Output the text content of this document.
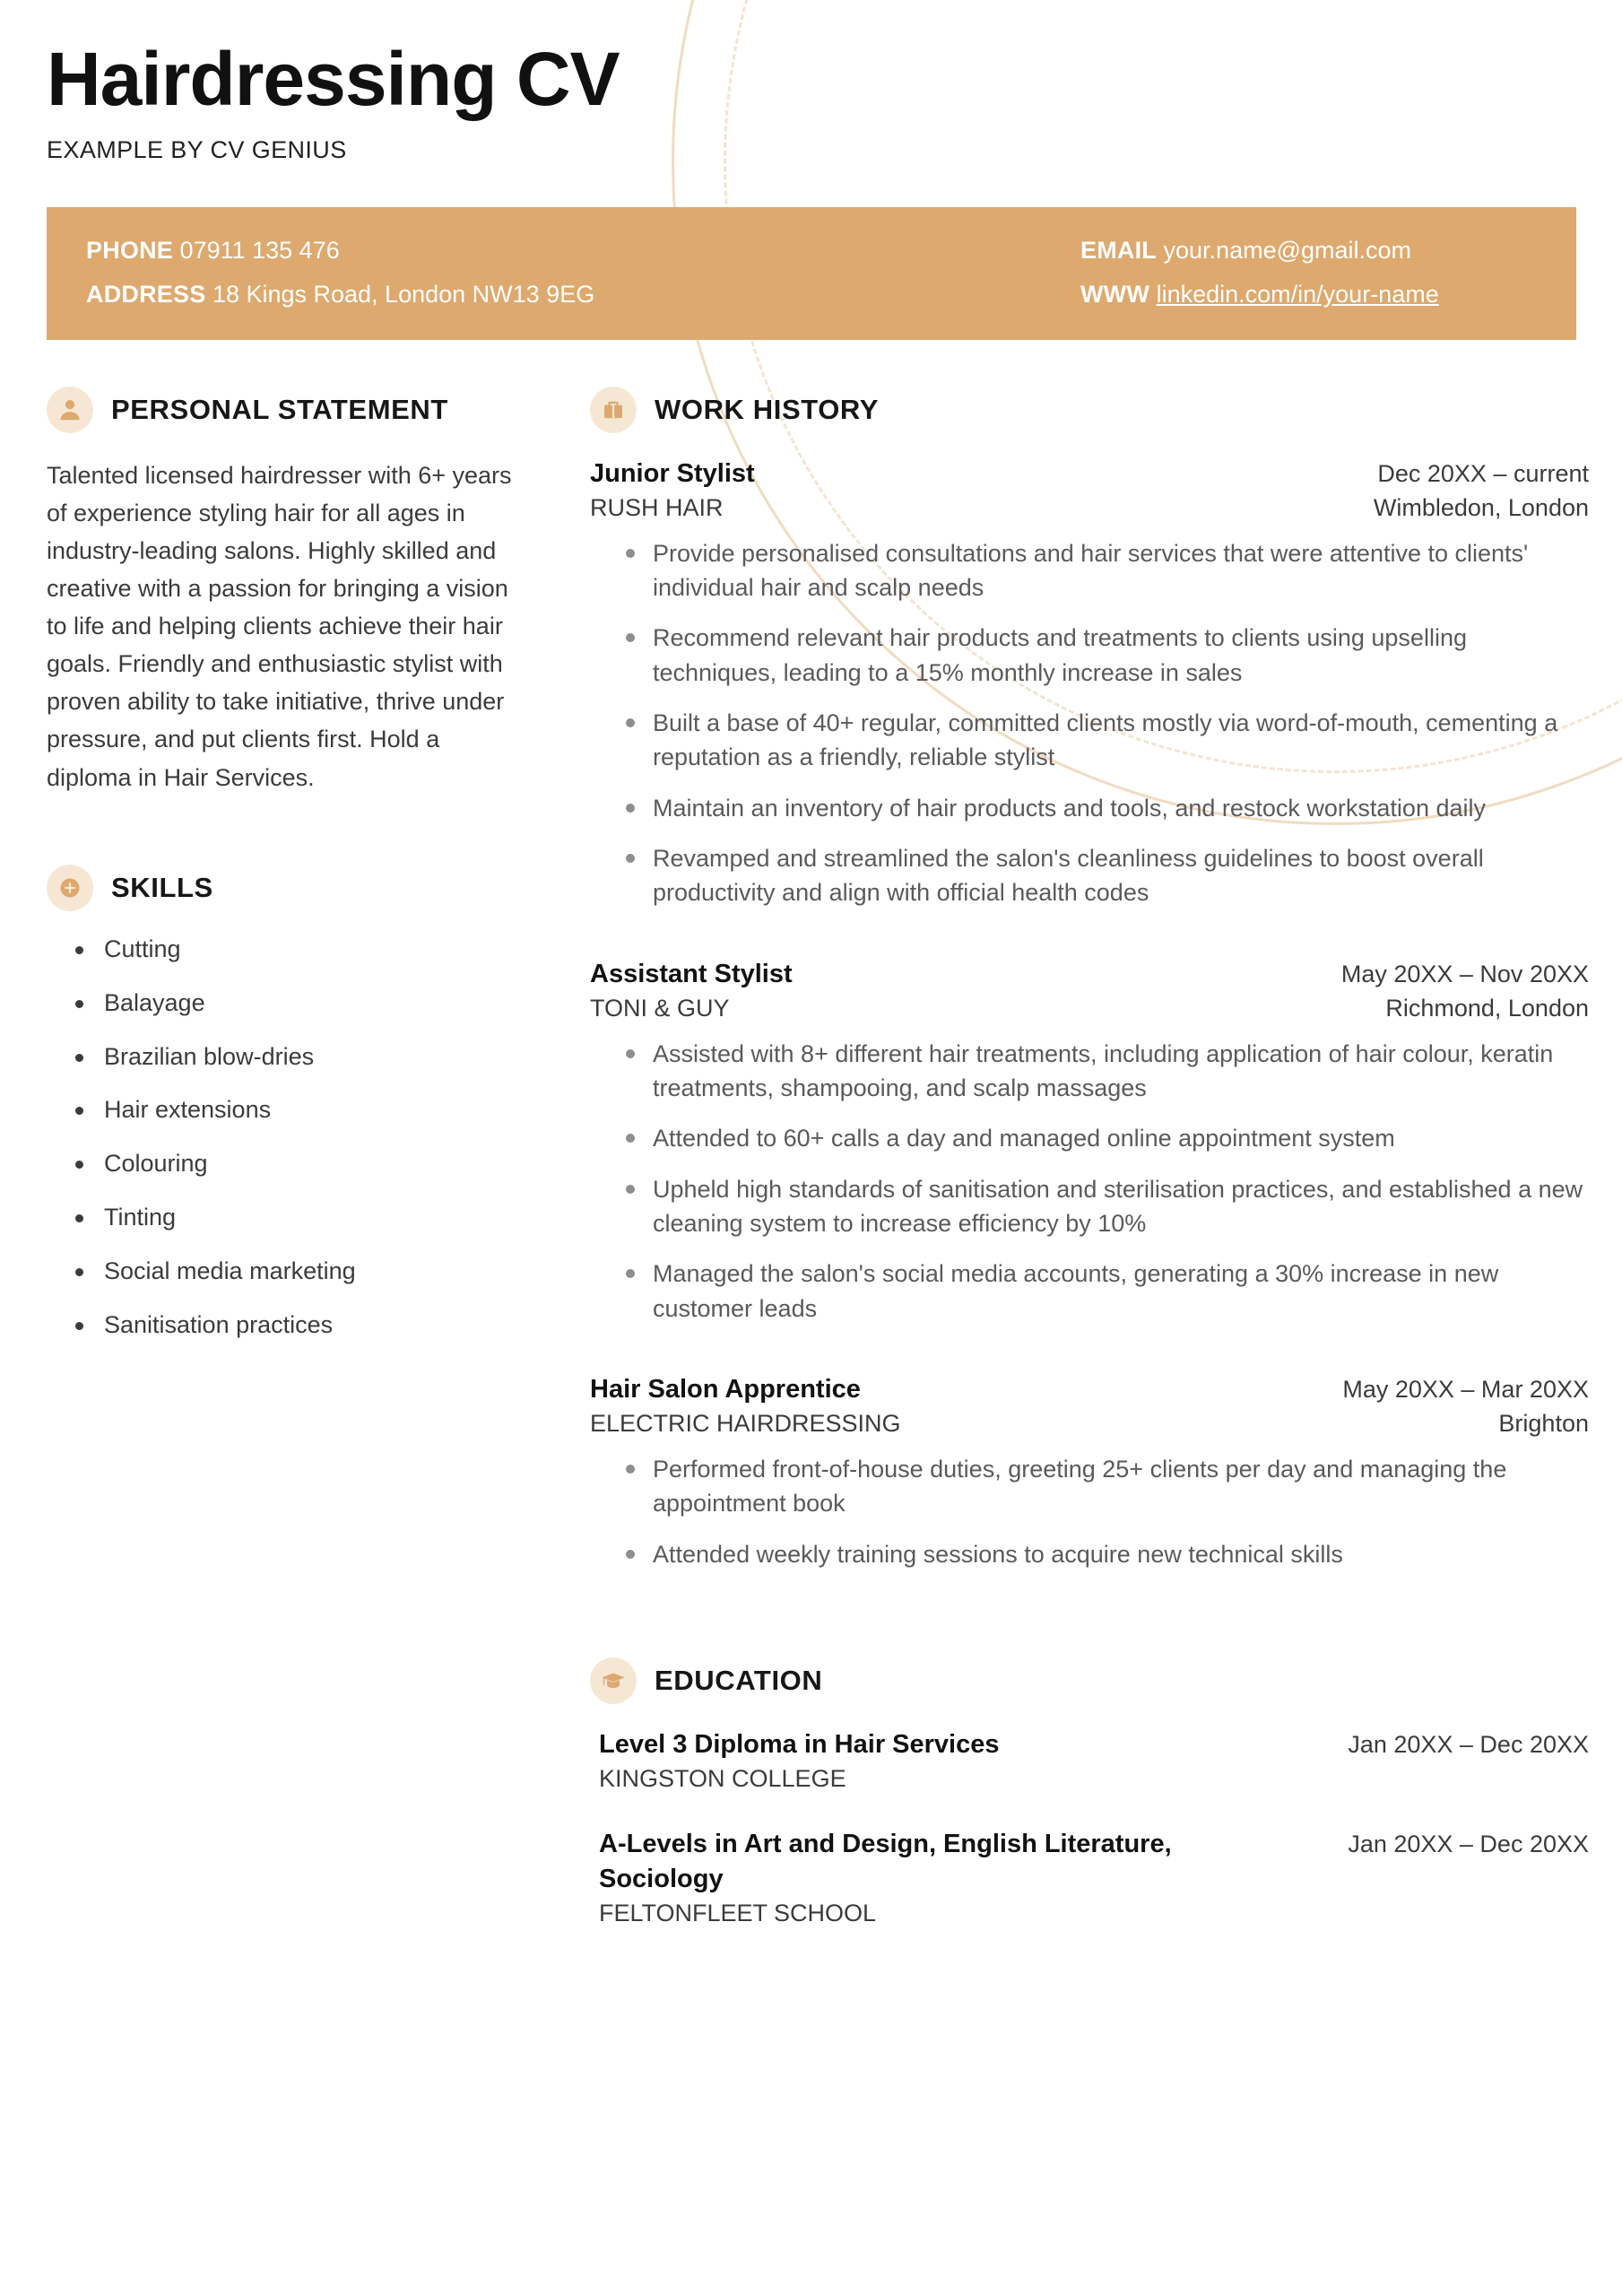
Hairdressing CV
EXAMPLE BY CV GENIUS
PHONE 07911 135 476
ADDRESS 18 Kings Road, London NW13 9EG
EMAIL your.name@gmail.com
WWW linkedin.com/in/your-name
PERSONAL STATEMENT
Talented licensed hairdresser with 6+ years of experience styling hair for all ages in industry-leading salons. Highly skilled and creative with a passion for bringing a vision to life and helping clients achieve their hair goals. Friendly and enthusiastic stylist with proven ability to take initiative, thrive under pressure, and put clients first. Hold a diploma in Hair Services.
SKILLS
Cutting
Balayage
Brazilian blow-dries
Hair extensions
Colouring
Tinting
Social media marketing
Sanitisation practices
WORK HISTORY
Junior Stylist	Dec 20XX – current
RUSH HAIR	Wimbledon, London
Provide personalised consultations and hair services that were attentive to clients' individual hair and scalp needs
Recommend relevant hair products and treatments to clients using upselling techniques, leading to a 15% monthly increase in sales
Built a base of 40+ regular, committed clients mostly via word-of-mouth, cementing a reputation as a friendly, reliable stylist
Maintain an inventory of hair products and tools, and restock workstation daily
Revamped and streamlined the salon's cleanliness guidelines to boost overall productivity and align with official health codes
Assistant Stylist	May 20XX – Nov 20XX
TONI & GUY	Richmond, London
Assisted with 8+ different hair treatments, including application of hair colour, keratin treatments, shampooing, and scalp massages
Attended to 60+ calls a day and managed online appointment system
Upheld high standards of sanitisation and sterilisation practices, and established a new cleaning system to increase efficiency by 10%
Managed the salon's social media accounts, generating a 30% increase in new customer leads
Hair Salon Apprentice	May 20XX – Mar 20XX
ELECTRIC HAIRDRESSING	Brighton
Performed front-of-house duties, greeting 25+ clients per day and managing the appointment book
Attended weekly training sessions to acquire new technical skills
EDUCATION
Level 3 Diploma in Hair Services	Jan 20XX – Dec 20XX
KINGSTON COLLEGE
A-Levels in Art and Design, English Literature, Sociology
Jan 20XX – Dec 20XX
FELTONFLEET SCHOOL
